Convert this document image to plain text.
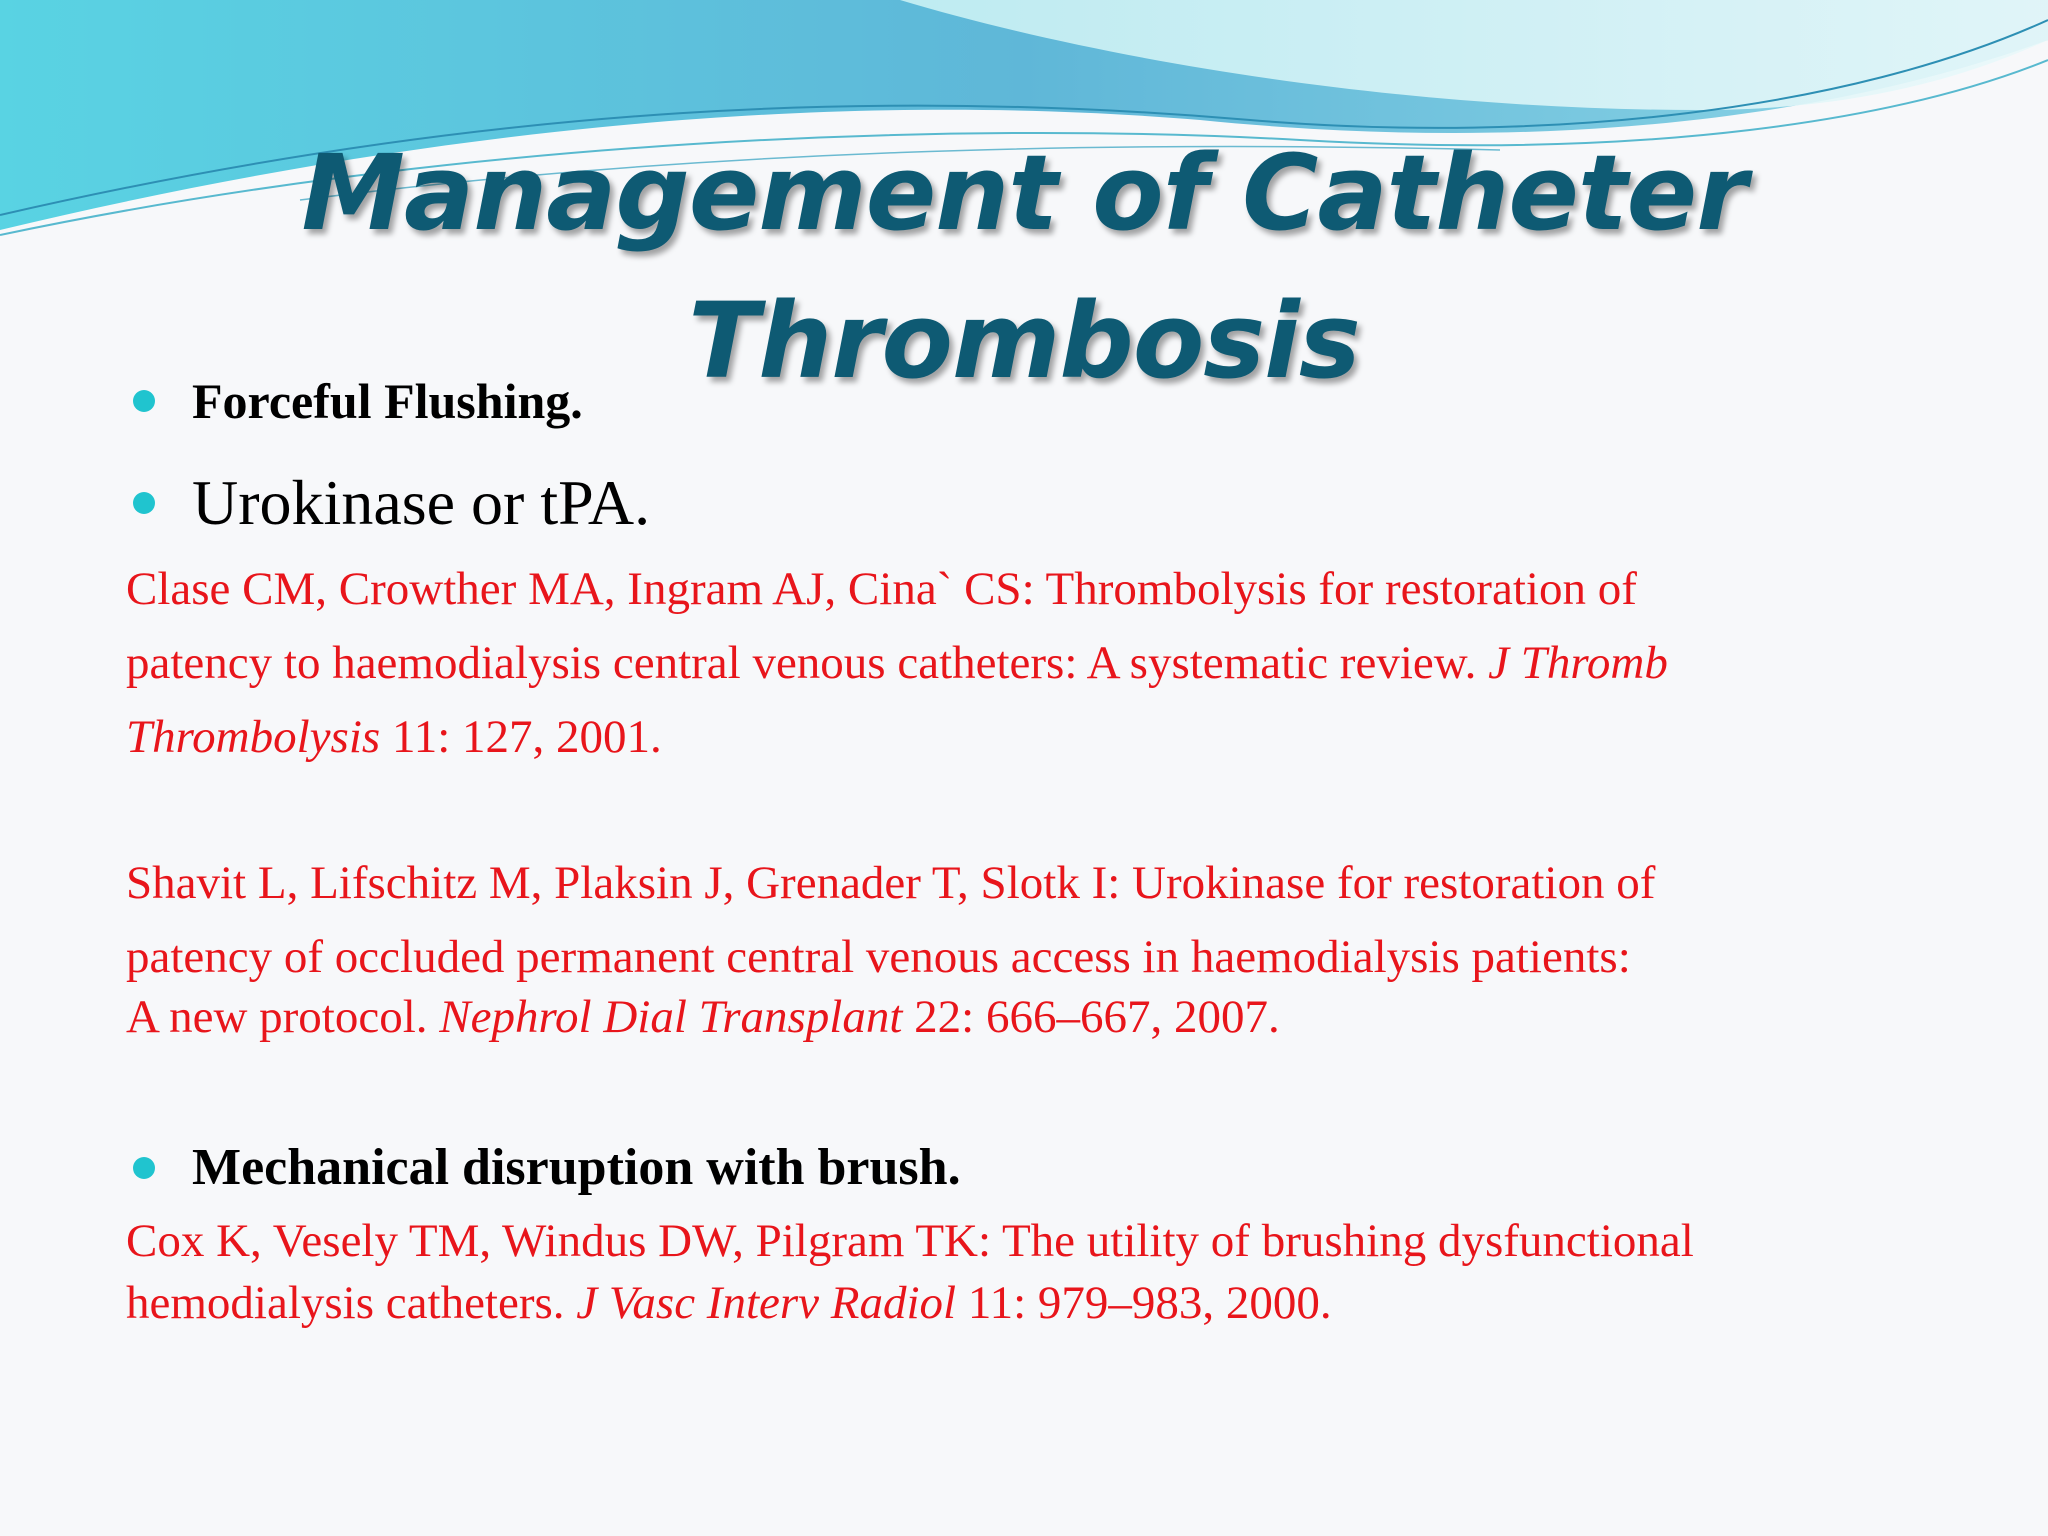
Management of Catheter
Thrombosis
Forceful Flushing.
Urokinase or tPA.
Clase CM, Crowther MA, Ingram AJ, Cina` CS: Thrombolysis for restoration of
patency to haemodialysis central venous catheters: A systematic review. J Thromb
Thrombolysis 11: 127, 2001.
Shavit L, Lifschitz M, Plaksin J, Grenader T, Slotk I: Urokinase for restoration of
patency of occluded permanent central venous access in haemodialysis patients:
A new protocol. Nephrol Dial Transplant 22: 666–667, 2007.
Mechanical disruption with brush.
Cox K, Vesely TM, Windus DW, Pilgram TK: The utility of brushing dysfunctional
hemodialysis catheters. J Vasc Interv Radiol 11: 979–983, 2000.
